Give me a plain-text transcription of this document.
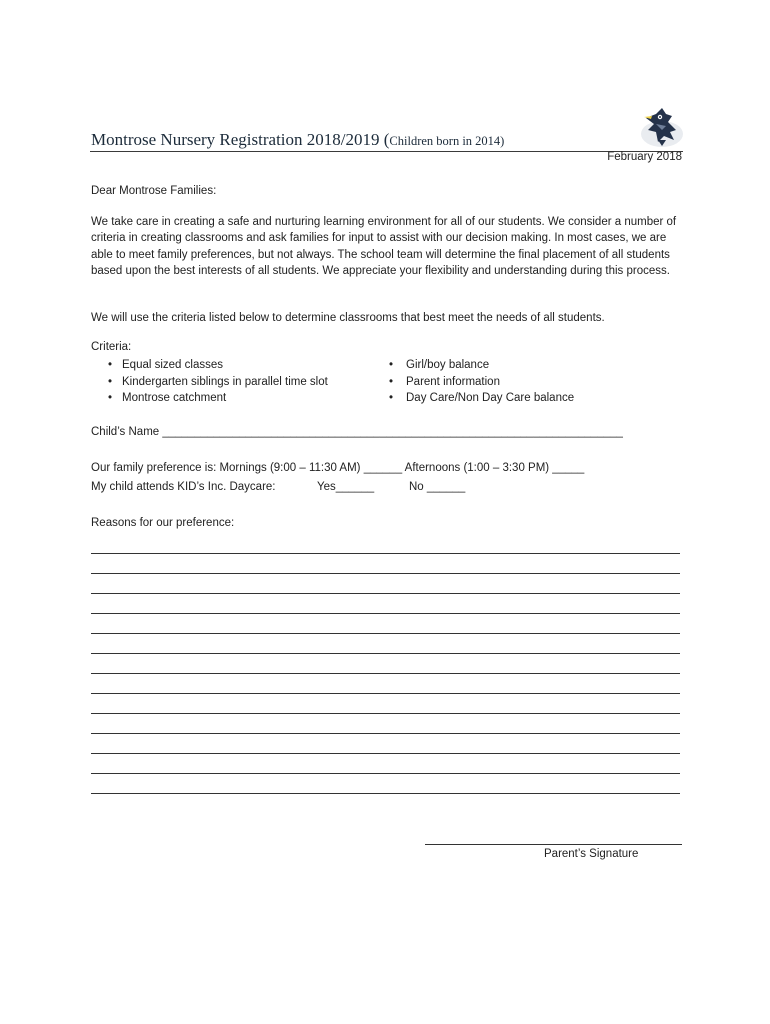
Montrose Nursery Registration 2018/2019 (Children born in 2014)
February 2018
Dear Montrose Families:
We take care in creating a safe and nurturing learning environment for all of our students. We consider a number of criteria in creating classrooms and ask families for input to assist with our decision making. In most cases, we are able to meet family preferences, but not always. The school team will determine the final placement of all students based upon the best interests of all students. We appreciate your flexibility and understanding during this process.
We will use the criteria listed below to determine classrooms that best meet the needs of all students.
Criteria:
• Equal sized classes
• Kindergarten siblings in parallel time slot
• Montrose catchment
• Girl/boy balance
• Parent information
• Day Care/Non Day Care balance
Child’s Name ________________________________________________________________________
Our family preference is: Mornings (9:00 – 11:30 AM) ______ Afternoons (1:00 – 3:30 PM) _____
My child attends KID’s Inc. Daycare:	Yes______	No ______
Reasons for our preference:
Parent’s Signature
